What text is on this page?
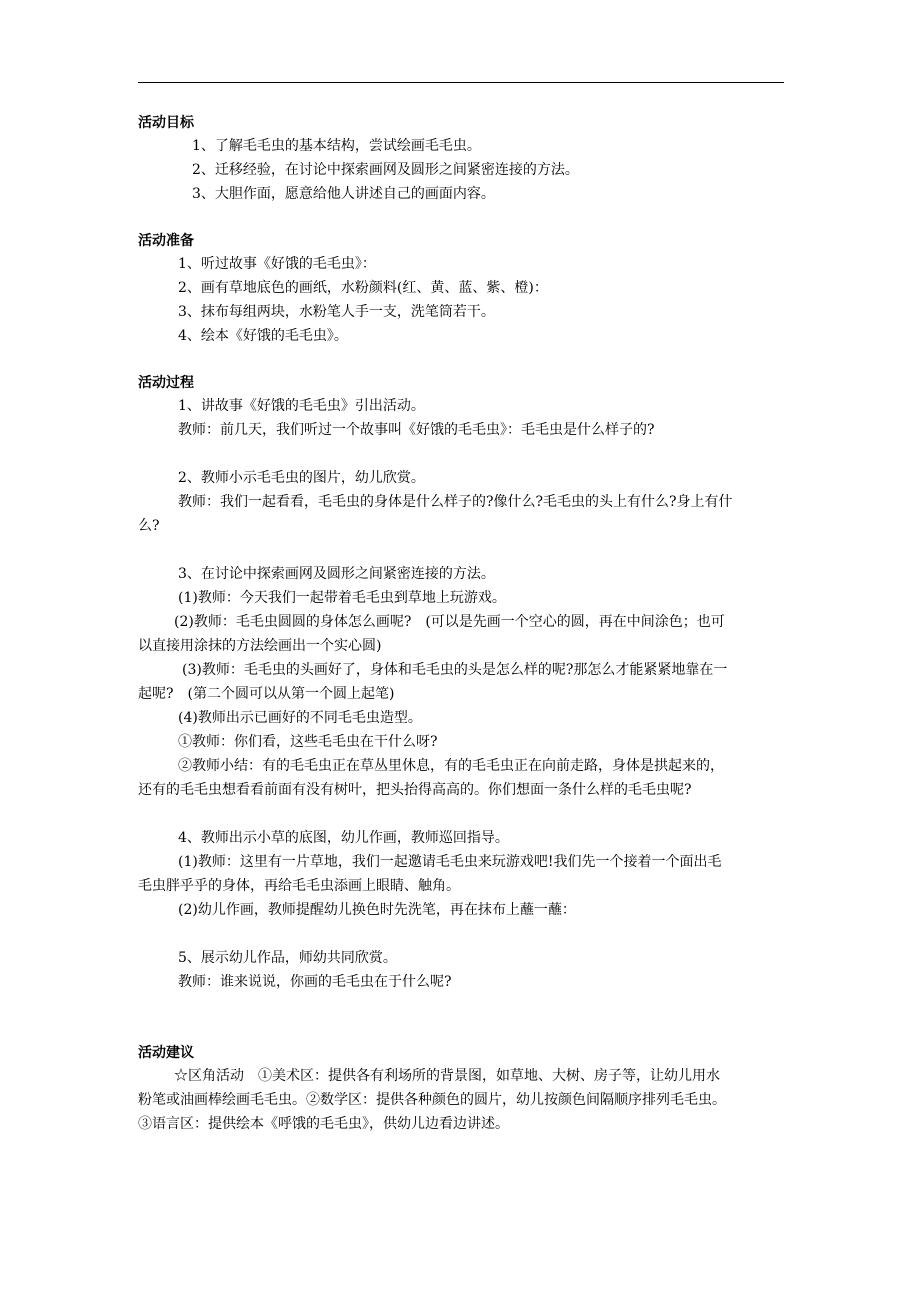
活动目标
1、了解毛毛虫的基本结构，尝试绘画毛毛虫。
2、迁移经验，在讨论中探索画网及圆形之间紧密连接的方法。
3、大胆作面，愿意给他人讲述自己的画面内容。
活动准备
1、听过故事《好饿的毛毛虫》：
2、画有草地底色的画纸，水粉颜料(红、黄、蓝、紫、橙)：
3、抹布每组两块，水粉笔人手一支，洗笔筒若干。
4、绘本《好饿的毛毛虫》。
活动过程
1、讲故事《好饿的毛毛虫》引出活动。
教师：前几天，我们听过一个故事叫《好饿的毛毛虫》：毛毛虫是什么样子的?
2、教师小示毛毛虫的图片，幼儿欣赏。
教师：我们一起看看，毛毛虫的身体是什么样子的?像什么?毛毛虫的头上有什么?身上有什
么?
3、在讨论中探索画网及圆形之间紧密连接的方法。
(1)教师：今天我们一起带着毛毛虫到草地上玩游戏。
(2)教师：毛毛虫圆圆的身体怎么画呢?　(可以是先画一个空心的圆，再在中间涂色；也可
以直接用涂抹的方法绘画出一个实心圆)
(3)教师：毛毛虫的头画好了，身体和毛毛虫的头是怎么样的呢?那怎么才能紧紧地靠在一
起呢?　(第二个圆可以从第一个圆上起笔)
(4)教师出示已画好的不同毛毛虫造型。
①教师：你们看，这些毛毛虫在干什么呀?
②教师小结：有的毛毛虫正在草丛里休息，有的毛毛虫正在向前走路，身体是拱起来的，
还有的毛毛虫想看看前面有没有树叶，把头抬得高高的。你们想面一条什么样的毛毛虫呢?
4、教师出示小草的底图，幼儿作画，教师巡回指导。
(1)教师：这里有一片草地，我们一起邀请毛毛虫来玩游戏吧!我们先一个接着一个面出毛
毛虫胖乎乎的身体，再给毛毛虫添画上眼睛、触角。
(2)幼儿作画，教师提醒幼儿换色时先洗笔，再在抹布上蘸一蘸：
5、展示幼儿作品，师幼共同欣赏。
教师：谁来说说，你画的毛毛虫在于什么呢?
活动建议
☆区角活动　①美术区：提供各有利场所的背景图，如草地、大树、房子等，让幼儿用水
粉笔或油画棒绘画毛毛虫。②数学区：提供各种颜色的圆片，幼儿按颜色间隔顺序排列毛毛虫。
③语言区：提供绘本《呼饿的毛毛虫》，供幼儿边看边讲述。
